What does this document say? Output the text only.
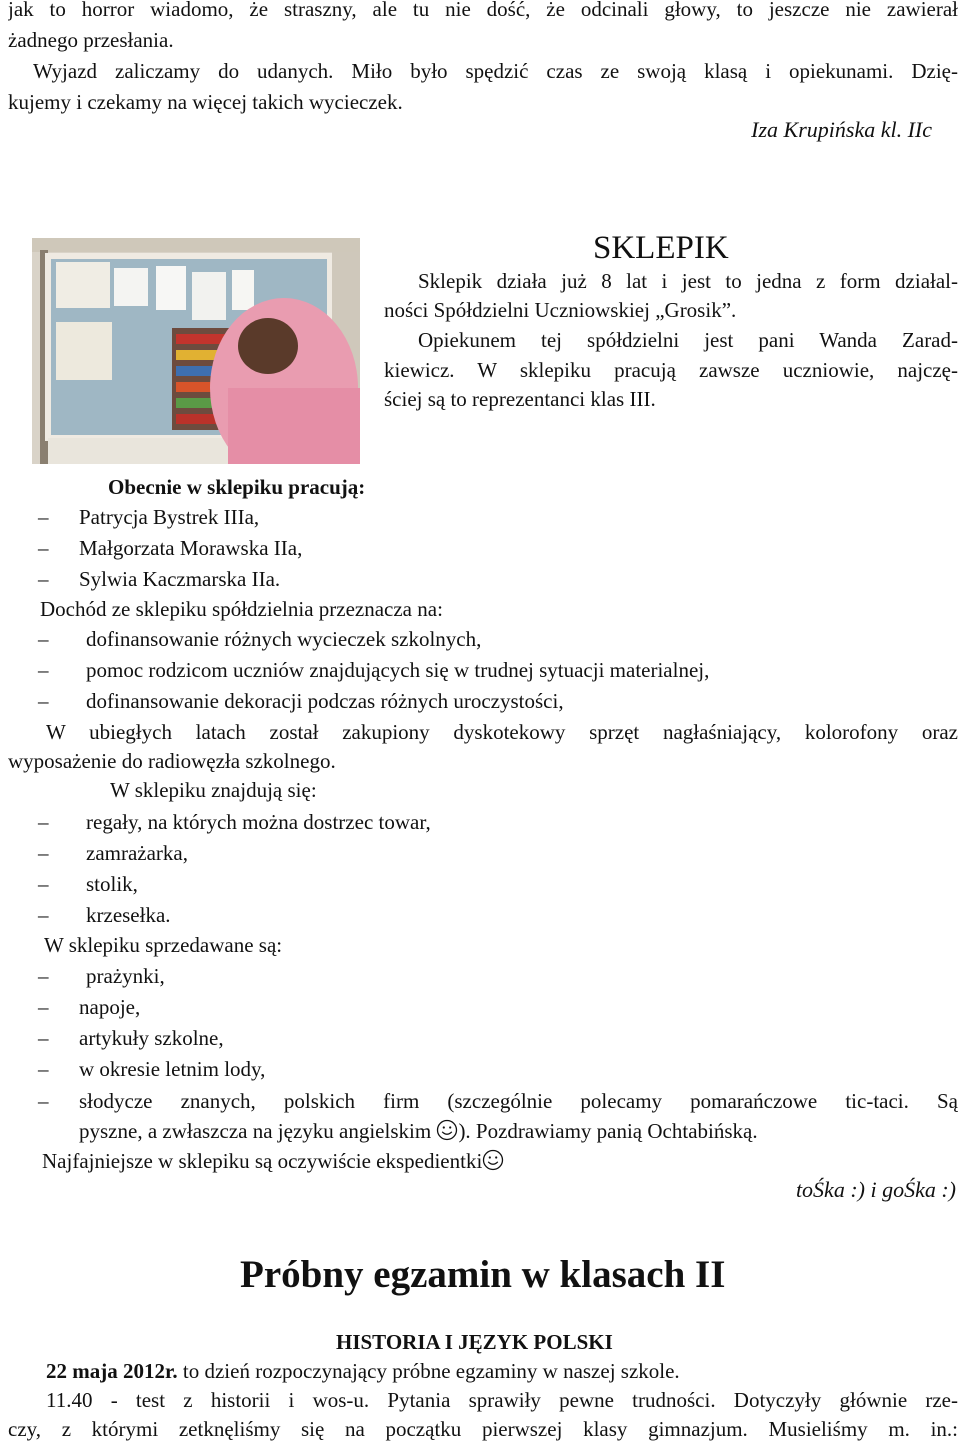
jak to horror wiadomo, że straszny, ale tu nie dość, że odcinali głowy, to jeszcze nie zawierał
żadnego przesłania.
Wyjazd zaliczamy do udanych. Miło było spędzić czas ze swoją klasą i opiekunami. Dzię-
kujemy i czekamy na więcej takich wycieczek.
Iza Krupińska kl. IIc
SKLEPIK
Sklepik działa już 8 lat i jest to jedna z form działal-
ności Spółdzielni Uczniowskiej „Grosik”.
Opiekunem tej spółdzielni jest pani Wanda Zarad-
kiewicz. W sklepiku pracują zawsze uczniowie, najczę-
ściej są to reprezentanci klas III.
Obecnie w sklepiku pracują:
– Patrycja Bystrek IIIa,
– Małgorzata Morawska IIa,
– Sylwia Kaczmarska IIa.
Dochód ze sklepiku spółdzielnia przeznacza na:
– dofinansowanie różnych wycieczek szkolnych,
– pomoc rodzicom uczniów znajdujących się w trudnej sytuacji materialnej,
– dofinansowanie dekoracji podczas różnych uroczystości,
W ubiegłych latach został zakupiony dyskotekowy sprzęt nagłaśniający, kolorofony oraz
wyposażenie do radiowęzła szkolnego.
W sklepiku znajdują się:
– regały, na których można dostrzec towar,
– zamrażarka,
– stolik,
– krzesełka.
W sklepiku sprzedawane są:
– prażynki,
– napoje,
– artykuły szkolne,
– w okresie letnim lody,
– słodycze znanych, polskich firm (szczególnie polecamy pomarańczowe tic-taci. Są
pyszne, a zwłaszcza na języku angielskim ). Pozdrawiamy panią Ochtabińską.
Najfajniejsze w sklepiku są oczywiście ekspedientki
toŚka :) i goŚka :)
Próbny egzamin w klasach II
HISTORIA I JĘZYK POLSKI
22 maja 2012r. to dzień rozpoczynający próbne egzaminy w naszej szkole.
11.40 - test z historii i wos-u. Pytania sprawiły pewne trudności. Dotyczyły głównie rze-
czy, z którymi zetknęliśmy się na początku pierwszej klasy gimnazjum. Musieliśmy m. in.:
